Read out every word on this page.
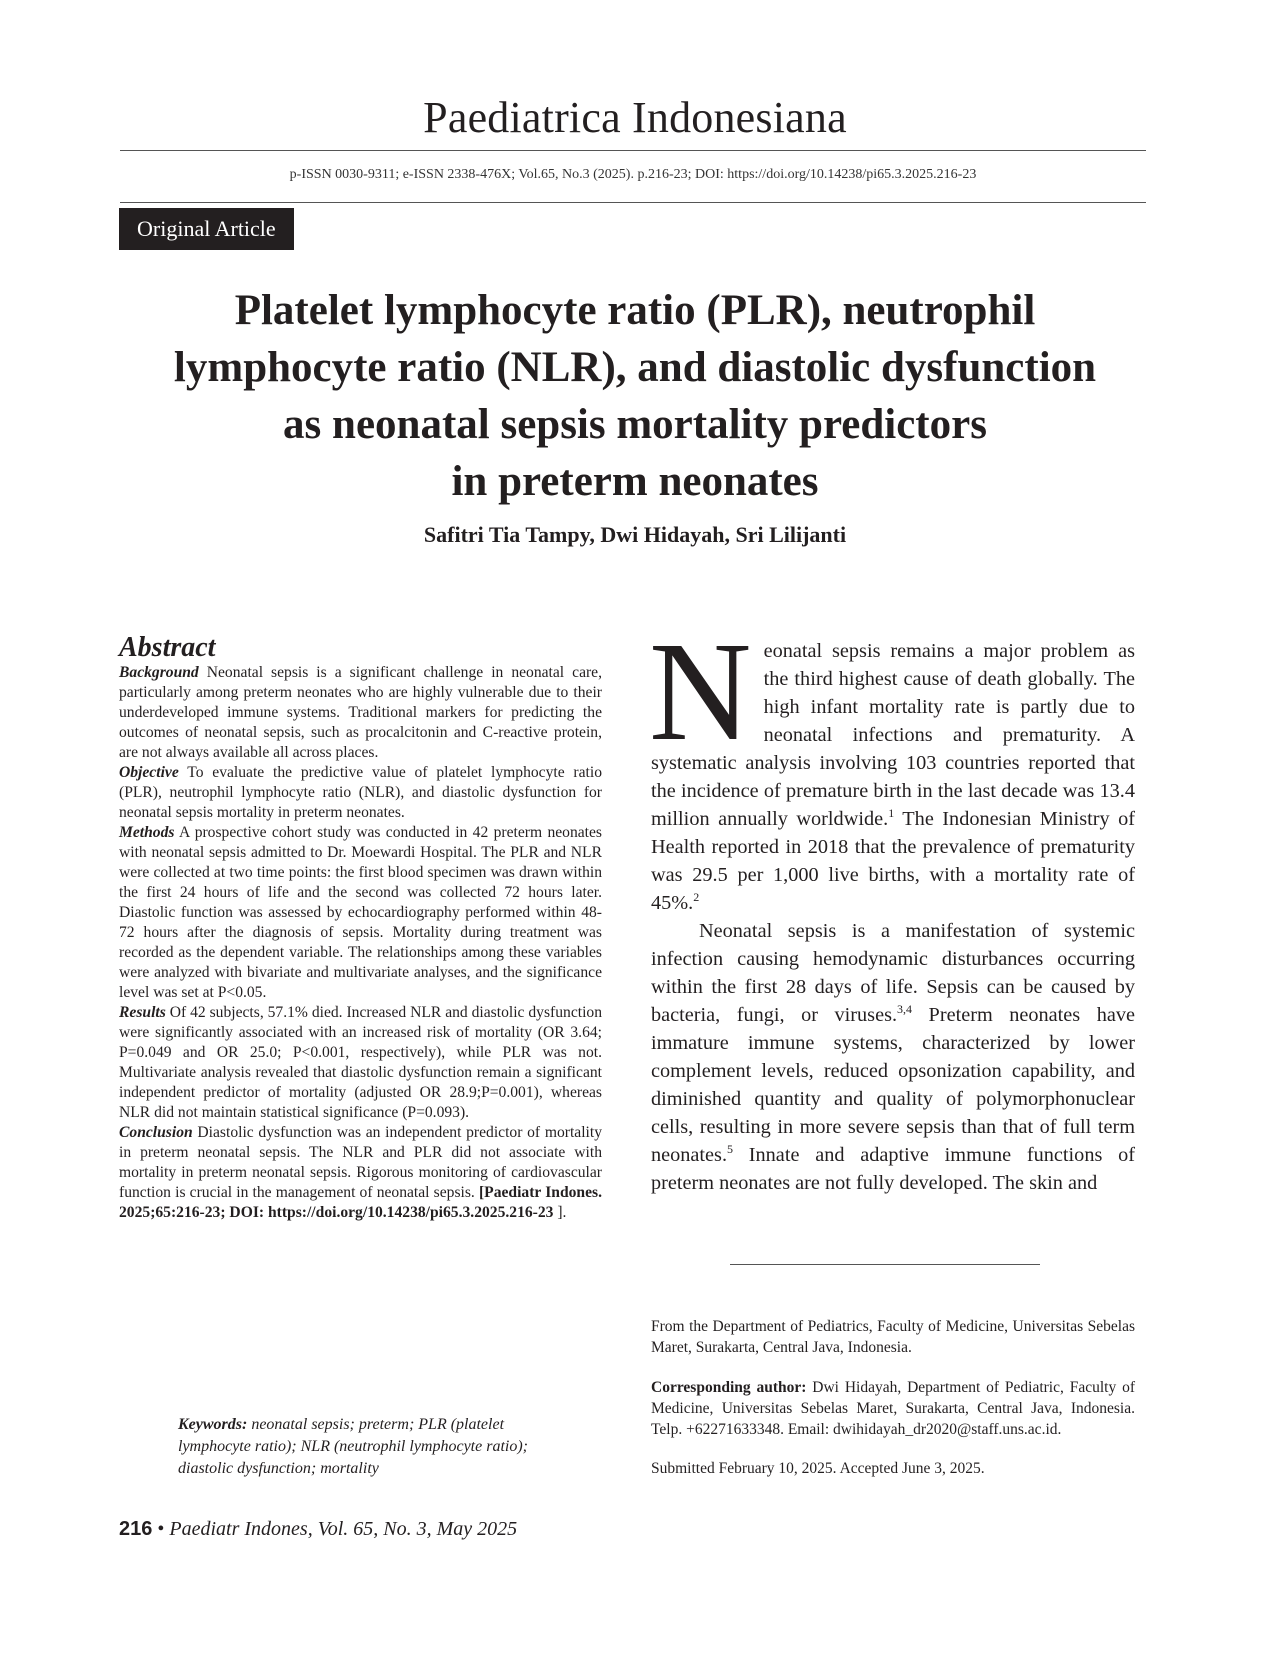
Paediatrica Indonesiana
p-ISSN 0030-9311; e-ISSN 2338-476X; Vol.65, No.3 (2025). p.216-23; DOI: https://doi.org/10.14238/pi65.3.2025.216-23
Original Article
Platelet lymphocyte ratio (PLR), neutrophil
lymphocyte ratio (NLR), and diastolic dysfunction
as neonatal sepsis mortality predictors
in preterm neonates
Safitri Tia Tampy, Dwi Hidayah, Sri Lilijanti
Abstract

Background Neonatal sepsis is a significant challenge in neonatal care, particularly among preterm neonates who are highly vulnerable due to their underdeveloped immune systems. Traditional markers for predicting the outcomes of neonatal sepsis, such as procalcitonin and C-reactive protein, are not always available all across places.

Objective To evaluate the predictive value of platelet lymphocyte ratio (PLR), neutrophil lymphocyte ratio (NLR), and diastolic dysfunction for neonatal sepsis mortality in preterm neonates.

Methods A prospective cohort study was conducted in 42 preterm neonates with neonatal sepsis admitted to Dr. Moewardi Hospital. The PLR and NLR were collected at two time points: the first blood specimen was drawn within the first 24 hours of life and the second was collected 72 hours later. Diastolic function was assessed by echocardiography performed within 48-72 hours after the diagnosis of sepsis. Mortality during treatment was recorded as the dependent variable. The relationships among these variables were analyzed with bivariate and multivariate analyses, and the significance level was set at P<0.05.

Results Of 42 subjects, 57.1% died. Increased NLR and diastolic dysfunction were significantly associated with an increased risk of mortality (OR 3.64; P=0.049 and OR 25.0; P<0.001, respectively), while PLR was not. Multivariate analysis revealed that diastolic dysfunction remain a significant independent predictor of mortality (adjusted OR 28.9;P=0.001), whereas NLR did not maintain statistical significance (P=0.093).

Conclusion Diastolic dysfunction was an independent predictor of mortality in preterm neonatal sepsis. The NLR and PLR did not associate with mortality in preterm neonatal sepsis. Rigorous monitoring of cardiovascular function is crucial in the management of neonatal sepsis. [Paediatr Indones. 2025;65:216-23; DOI: https://doi.org/10.14238/pi65.3.2025.216-23 ].

Keywords: neonatal sepsis; preterm; PLR (platelet lymphocyte ratio); NLR (neutrophil lymphocyte ratio); diastolic dysfunction; mortality

Neonatal sepsis remains a major problem as the third highest cause of death globally. The high infant mortality rate is partly due to neonatal infections and prematurity. A systematic analysis involving 103 countries reported that the incidence of premature birth in the last decade was 13.4 million annually worldwide.$^1$ The Indonesian Ministry of Health reported in 2018 that the prevalence of prematurity was 29.5 per 1,000 live births, with a mortality rate of 45%.$^2$

Neonatal sepsis is a manifestation of systemic infection causing hemodynamic disturbances occurring within the first 28 days of life. Sepsis can be caused by bacteria, fungi, or viruses.$^{3,4}$ Preterm neonates have immature immune systems, characterized by lower complement levels, reduced opsonization capability, and diminished quantity and quality of polymorphonuclear cells, resulting in more severe sepsis than that of full term neonates.$^5$ Innate and adaptive immune functions of preterm neonates are not fully developed. The skin and

From the Department of Pediatrics, Faculty of Medicine, Universitas Sebelas Maret, Surakarta, Central Java, Indonesia.

Corresponding author: Dwi Hidayah, Department of Pediatric, Faculty of Medicine, Universitas Sebelas Maret, Surakarta, Central Java, Indonesia. Telp. +62271633348. Email: dwihidayah_dr2020@staff.uns.ac.id.

Submitted February 10, 2025. Accepted June 3, 2025.

216 • Paediatr Indones, Vol. 65, No. 3, May 2025
